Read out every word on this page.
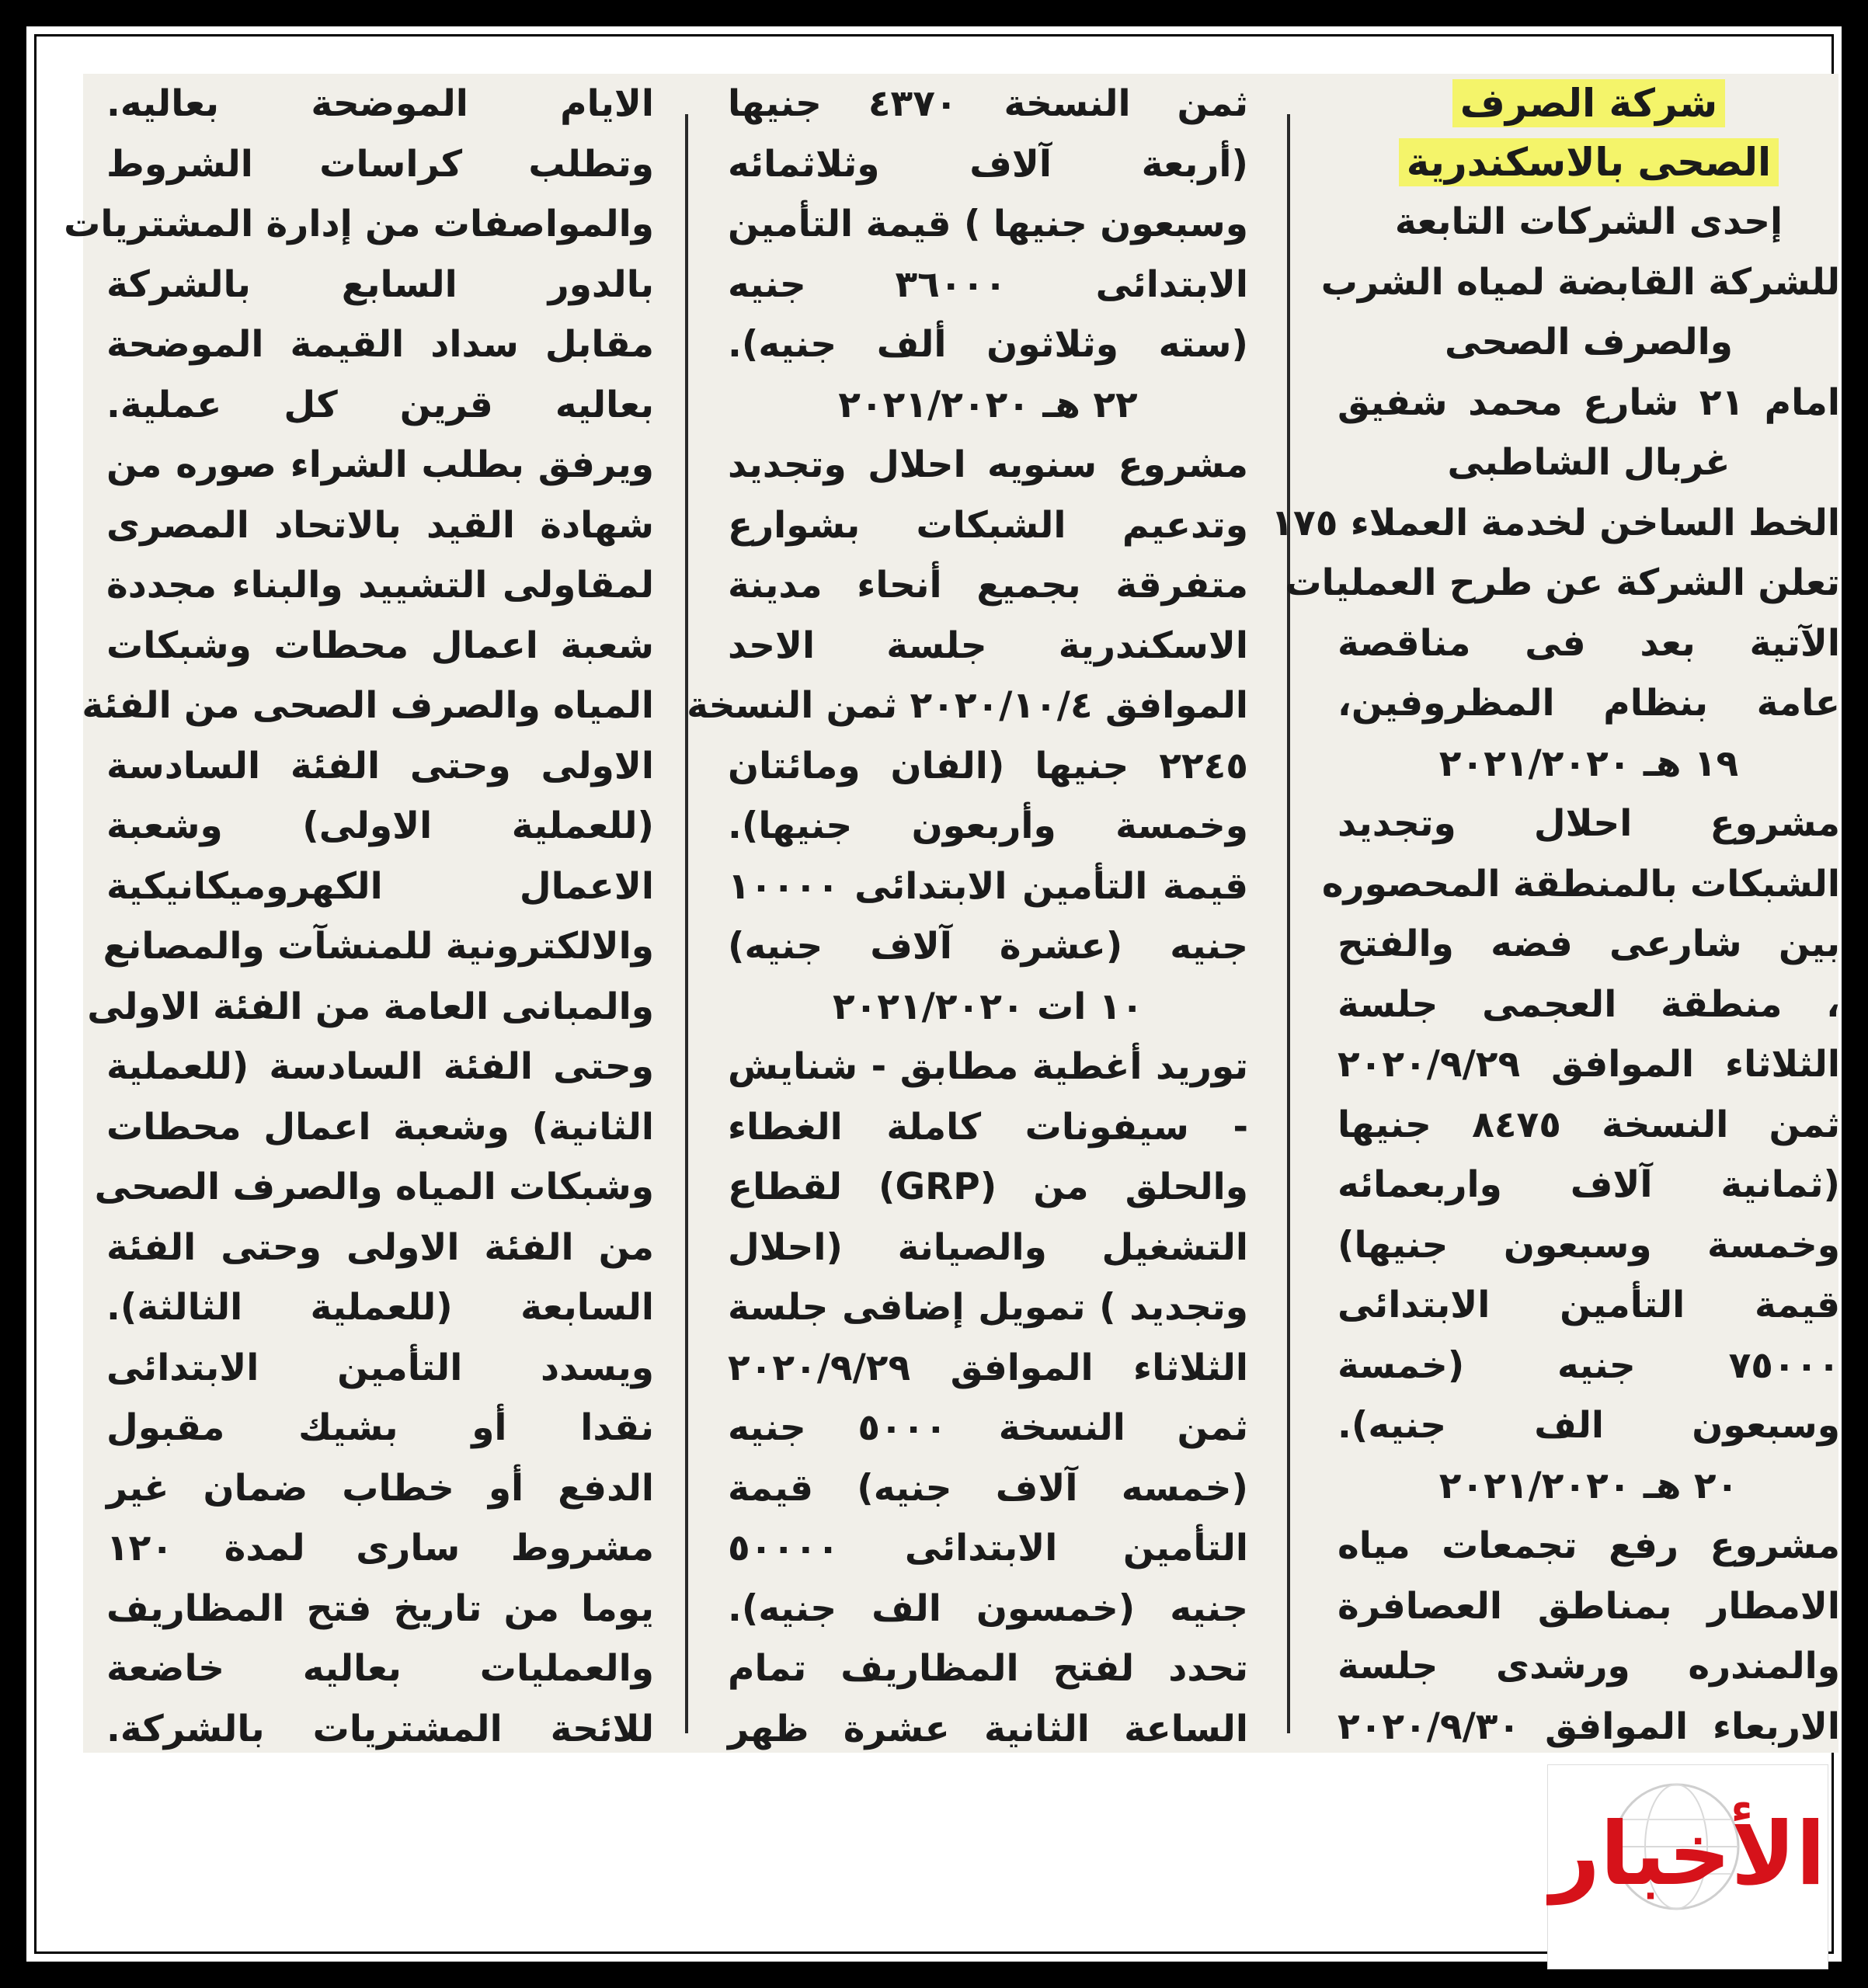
شركة الصرف
الصحى بالاسكندرية
إحدى الشركات التابعة
للشركة القابضة لمياه الشرب
والصرف الصحى
امام ٢١ شارع محمد شفيق
غربال الشاطبى
الخط الساخن لخدمة العملاء ١٧٥
تعلن الشركة عن طرح العمليات
الآتية بعد فى مناقصة
عامة بنظام المظروفين،
١٩ هـ ٢٠٢١/٢٠٢٠
مشروع احلال وتجديد
الشبكات بالمنطقة المحصوره
بين شارعى فضه والفتح
، منطقة العجمى جلسة
الثلاثاء الموافق ٢٠٢٠/٩/٢٩
ثمن النسخة ٨٤٧٥ جنيها
(ثمانية آلاف واربعمائه
وخمسة وسبعون جنيها)
قيمة التأمين الابتدائى
٧٥٠٠٠ جنيه (خمسة
وسبعون الف جنيه).
٢٠ هـ ٢٠٢١/٢٠٢٠
مشروع رفع تجمعات مياه
الامطار بمناطق العصافرة
والمندره ورشدى جلسة
الاربعاء الموافق ٢٠٢٠/٩/٣٠
ثمن النسخة ٤٣٧٠ جنيها
(أربعة آلاف وثلاثمائه
وسبعون جنيها ) قيمة التأمين
الابتدائى ٣٦٠٠٠ جنيه
(سته وثلاثون ألف جنيه).
٢٢ هـ ٢٠٢١/٢٠٢٠
مشروع سنويه احلال وتجديد
وتدعيم الشبكات بشوارع
متفرقة بجميع أنحاء مدينة
الاسكندرية جلسة الاحد
الموافق ٢٠٢٠/١٠/٤ ثمن النسخة
٢٢٤٥ جنيها (الفان ومائتان
وخمسة وأربعون جنيها).
قيمة التأمين الابتدائى ١٠٠٠٠
جنيه (عشرة آلاف جنيه)
١٠ ات ٢٠٢١/٢٠٢٠
توريد أغطية مطابق - شنايش
- سيفونات كاملة الغطاء
والحلق من (GRP) لقطاع
التشغيل والصيانة (احلال
وتجديد ) تمويل إضافى جلسة
الثلاثاء الموافق ٢٠٢٠/٩/٢٩
ثمن النسخة ٥٠٠٠ جنيه
(خمسه آلاف جنيه) قيمة
التأمين الابتدائى ٥٠٠٠٠
جنيه (خمسون الف جنيه).
تحدد لفتح المظاريف تمام
الساعة الثانية عشرة ظهر
الايام الموضحة بعاليه.
وتطلب كراسات الشروط
والمواصفات من إدارة المشتريات
بالدور السابع بالشركة
مقابل سداد القيمة الموضحة
بعاليه قرين كل عملية.
ويرفق بطلب الشراء صوره من
شهادة القيد بالاتحاد المصرى
لمقاولى التشييد والبناء مجددة
شعبة اعمال محطات وشبكات
المياه والصرف الصحى من الفئة
الاولى وحتى الفئة السادسة
(للعملية الاولى) وشعبة
الاعمال الكهروميكانيكية
والالكترونية للمنشآت والمصانع
والمبانى العامة من الفئة الاولى
وحتى الفئة السادسة (للعملية
الثانية) وشعبة اعمال محطات
وشبكات المياه والصرف الصحى
من الفئة الاولى وحتى الفئة
السابعة (للعملية الثالثة).
ويسدد التأمين الابتدائى
نقدا أو بشيك مقبول
الدفع أو خطاب ضمان غير
مشروط سارى لمدة ١٢٠
يوما من تاريخ فتح المظاريف
والعمليات بعاليه خاضعة
للائحة المشتريات بالشركة.
الأخبار
